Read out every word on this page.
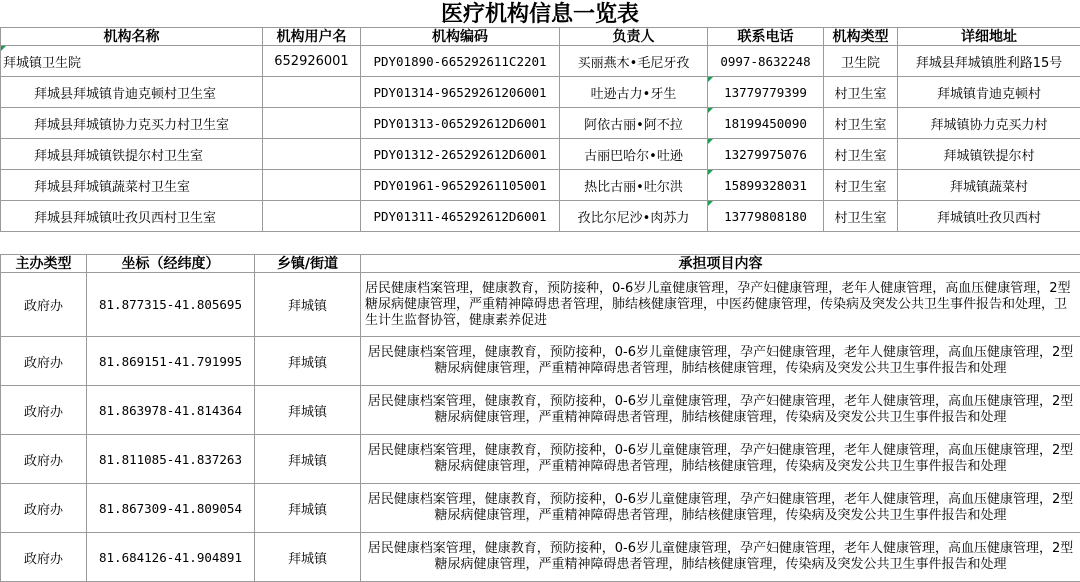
医疗机构信息一览表
机构名称	机构用户名	机构编码	负责人	联系电话	机构类型	详细地址
拜城镇卫生院	652926001	PDY01890-665292611C2201	买丽燕木•毛尼牙孜	0997-8632248	卫生院	拜城县拜城镇胜利路15号
拜城县拜城镇肯迪克顿村卫生室		PDY01314-96529261206001	吐逊古力•牙生	13779779399	村卫生室	拜城镇肯迪克顿村
拜城县拜城镇协力克买力村卫生室		PDY01313-065292612D6001	阿依古丽•阿不拉	18199450090	村卫生室	拜城镇协力克买力村
拜城县拜城镇铁提尔村卫生室		PDY01312-265292612D6001	古丽巴哈尔•吐逊	13279975076	村卫生室	拜城镇铁提尔村
拜城县拜城镇蔬菜村卫生室		PDY01961-96529261105001	热比古丽•吐尔洪	15899328031	村卫生室	拜城镇蔬菜村
拜城县拜城镇吐孜贝西村卫生室		PDY01311-465292612D6001	孜比尔尼沙•肉苏力	13779808180	村卫生室	拜城镇吐孜贝西村
主办类型	坐标（经纬度）	乡镇/街道	承担项目内容
政府办	81.877315-41.805695	拜城镇	居民健康档案管理，健康教育，预防接种，0-6岁儿童健康管理，孕产妇健康管理，老年人健康管理，高血压健康管理，2型糖尿病健康管理，严重精神障碍患者管理，肺结核健康管理，中医药健康管理，传染病及突发公共卫生事件报告和处理，卫生计生监督协管，健康素养促进
政府办	81.869151-41.791995	拜城镇	居民健康档案管理，健康教育，预防接种，0-6岁儿童健康管理，孕产妇健康管理，老年人健康管理，高血压健康管理，2型糖尿病健康管理，严重精神障碍患者管理，肺结核健康管理，传染病及突发公共卫生事件报告和处理
政府办	81.863978-41.814364	拜城镇	居民健康档案管理，健康教育，预防接种，0-6岁儿童健康管理，孕产妇健康管理，老年人健康管理，高血压健康管理，2型糖尿病健康管理，严重精神障碍患者管理，肺结核健康管理，传染病及突发公共卫生事件报告和处理
政府办	81.811085-41.837263	拜城镇	居民健康档案管理，健康教育，预防接种，0-6岁儿童健康管理，孕产妇健康管理，老年人健康管理，高血压健康管理，2型糖尿病健康管理，严重精神障碍患者管理，肺结核健康管理，传染病及突发公共卫生事件报告和处理
政府办	81.867309-41.809054	拜城镇	居民健康档案管理，健康教育，预防接种，0-6岁儿童健康管理，孕产妇健康管理，老年人健康管理，高血压健康管理，2型糖尿病健康管理，严重精神障碍患者管理，肺结核健康管理，传染病及突发公共卫生事件报告和处理
政府办	81.684126-41.904891	拜城镇	居民健康档案管理，健康教育，预防接种，0-6岁儿童健康管理，孕产妇健康管理，老年人健康管理，高血压健康管理，2型糖尿病健康管理，严重精神障碍患者管理，肺结核健康管理，传染病及突发公共卫生事件报告和处理
